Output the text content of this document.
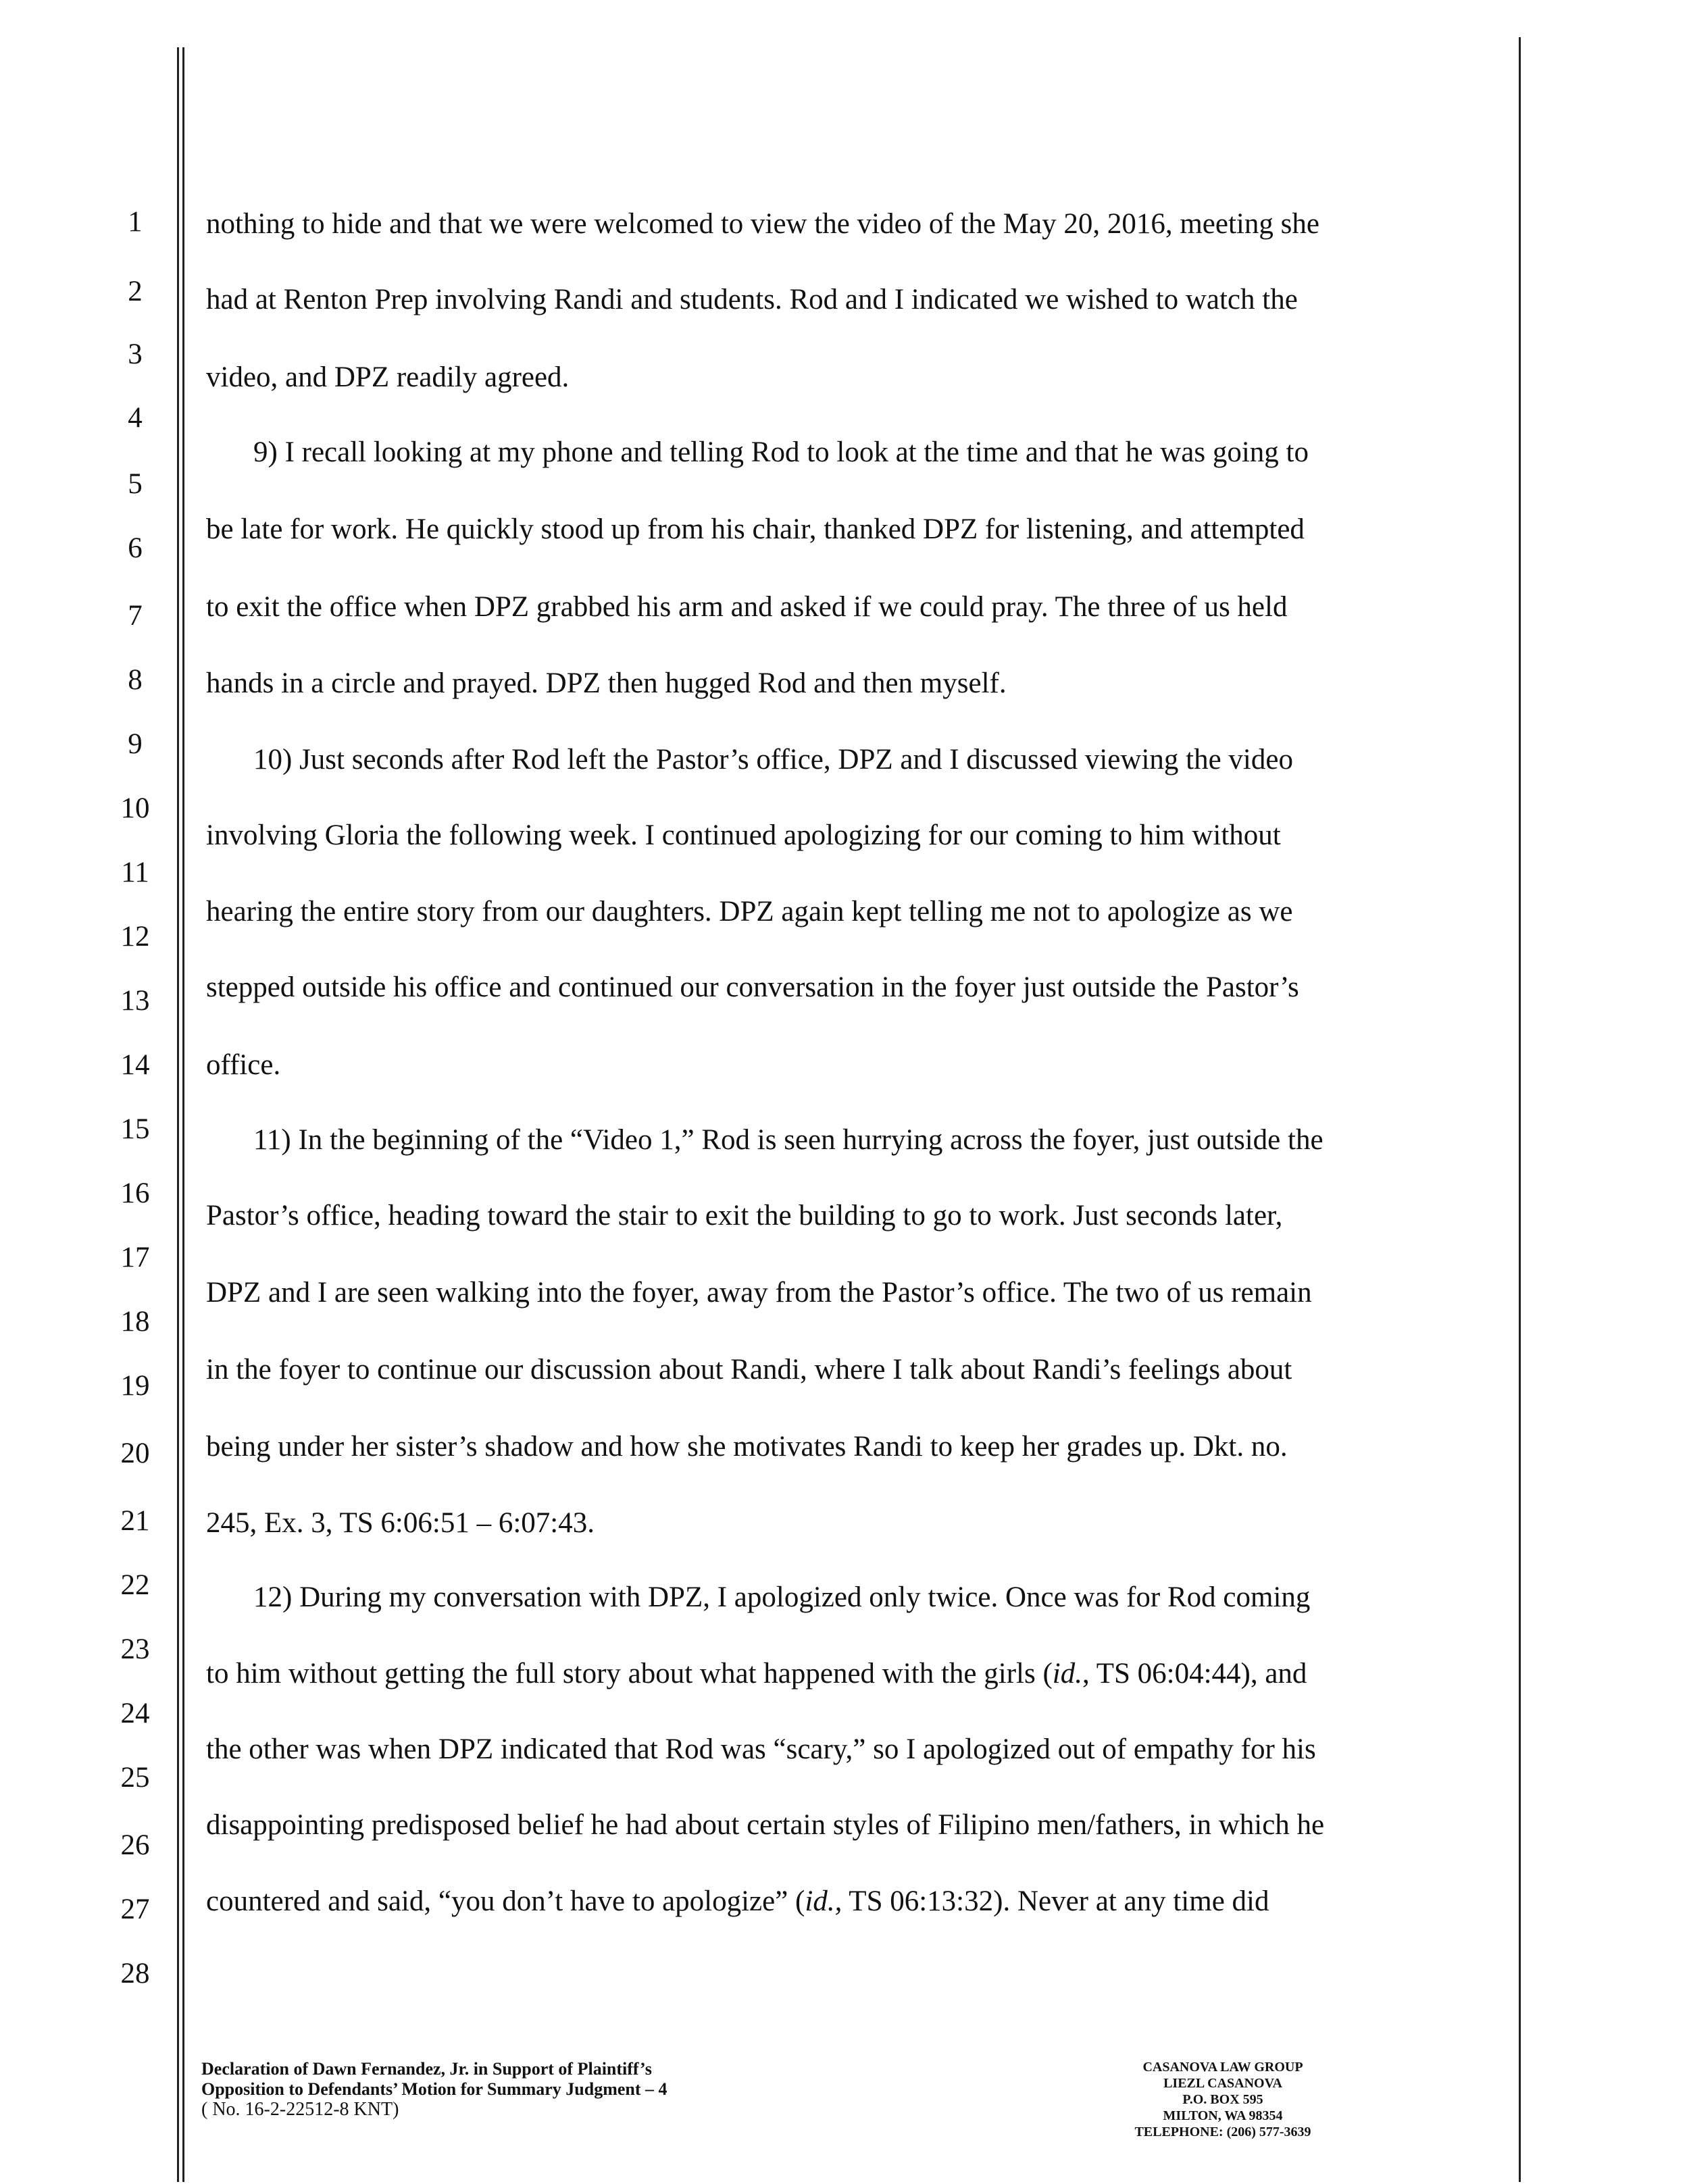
1
2
3
4
5
6
7
8
9
10
11
12
13
14
15
16
17
18
19
20
21
22
23
24
25
26
27
28
nothing to hide and that we were welcomed to view the video of the May 20, 2016, meeting she
had at Renton Prep involving Randi and students. Rod and I indicated we wished to watch the
video, and DPZ readily agreed.
9) I recall looking at my phone and telling Rod to look at the time and that he was going to
be late for work. He quickly stood up from his chair, thanked DPZ for listening, and attempted
to exit the office when DPZ grabbed his arm and asked if we could pray. The three of us held
hands in a circle and prayed. DPZ then hugged Rod and then myself.
10) Just seconds after Rod left the Pastor’s office, DPZ and I discussed viewing the video
involving Gloria the following week. I continued apologizing for our coming to him without
hearing the entire story from our daughters. DPZ again kept telling me not to apologize as we
stepped outside his office and continued our conversation in the foyer just outside the Pastor’s
office.
11) In the beginning of the “Video 1,” Rod is seen hurrying across the foyer, just outside the
Pastor’s office, heading toward the stair to exit the building to go to work. Just seconds later,
DPZ and I are seen walking into the foyer, away from the Pastor’s office. The two of us remain
in the foyer to continue our discussion about Randi, where I talk about Randi’s feelings about
being under her sister’s shadow and how she motivates Randi to keep her grades up. Dkt. no.
245, Ex. 3, TS 6:06:51 – 6:07:43.
12) During my conversation with DPZ, I apologized only twice. Once was for Rod coming
to him without getting the full story about what happened with the girls (id., TS 06:04:44), and
the other was when DPZ indicated that Rod was “scary,” so I apologized out of empathy for his
disappointing predisposed belief he had about certain styles of Filipino men/fathers, in which he
countered and said, “you don’t have to apologize” (id., TS 06:13:32). Never at any time did
Declaration of Dawn Fernandez, Jr. in Support of Plaintiff’s
Opposition to Defendants’ Motion for Summary Judgment – 4
( No. 16-2-22512-8 KNT)
CASANOVA LAW GROUP
LIEZL CASANOVA
P.O. BOX 595
MILTON, WA 98354
TELEPHONE: (206) 577-3639
